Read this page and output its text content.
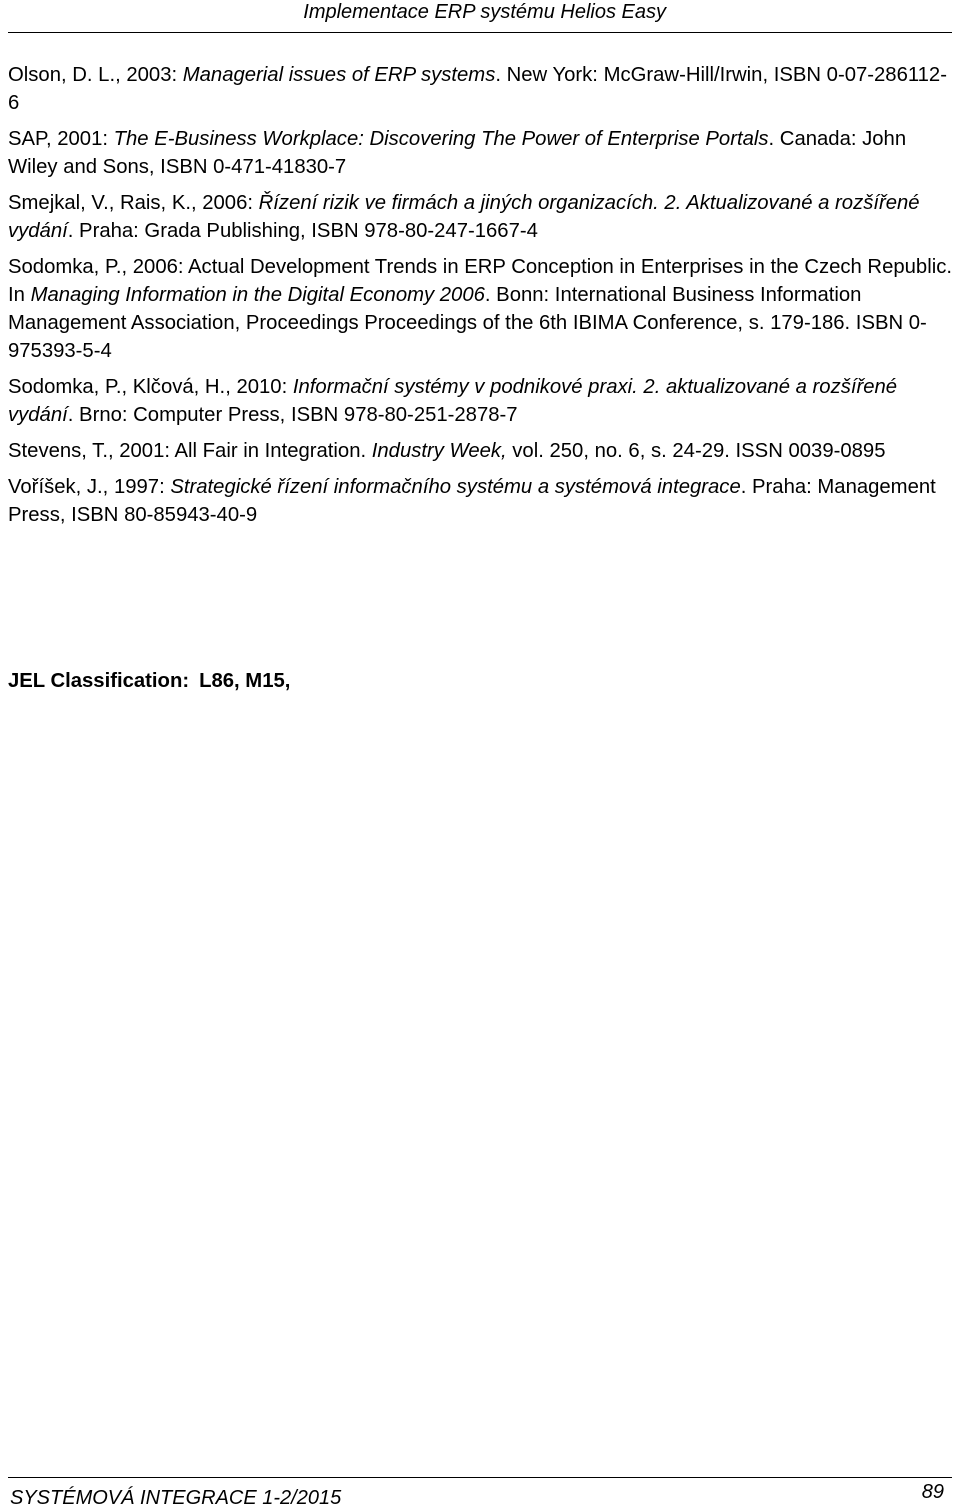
Implementace ERP systému Helios Easy
Olson, D. L., 2003: Managerial issues of ERP systems. New York: McGraw-Hill/Irwin, ISBN 0-07-286112-6
SAP, 2001: The E-Business Workplace: Discovering The Power of Enterprise Portals. Canada: John Wiley and Sons, ISBN 0-471-41830-7
Smejkal, V., Rais, K., 2006: Řízení rizik ve firmách a jiných organizacích. 2. Aktualizované a rozšířené vydání. Praha: Grada Publishing, ISBN 978-80-247-1667-4
Sodomka, P., 2006: Actual Development Trends in ERP Conception in Enterprises in the Czech Republic. In Managing Information in the Digital Economy 2006. Bonn: International Business Information Management Association, Proceedings Proceedings of the 6th IBIMA Conference, s. 179-186. ISBN 0-975393-5-4
Sodomka, P., Klčová, H., 2010: Informační systémy v podnikové praxi. 2. aktualizované a rozšířené vydání. Brno: Computer Press, ISBN 978-80-251-2878-7
Stevens, T., 2001: All Fair in Integration. Industry Week, vol. 250, no. 6, s. 24-29. ISSN 0039-0895
Voříšek, J., 1997: Strategické řízení informačního systému a systémová integrace. Praha: Management Press, ISBN 80-85943-40-9
JEL Classification: L86, M15,
SYSTÉMOVÁ INTEGRACE 1-2/2015	89
